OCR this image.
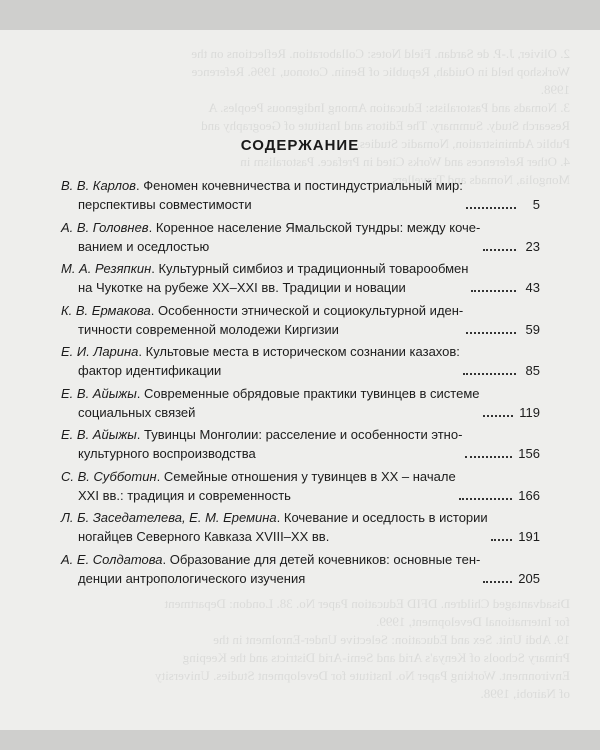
2. Olivier, J.-P. de Sardan. Field Notes: Collaboration. Reflections on the

Workshop held in Ouidah, Republic of Benin. Cotonou, 1996. Reference

1998.

3. Nomads and Pastoralists: Education Among Indigenous Peoples. A

Research Study. Summary. The Editors and Institute of Geography and

Public Administration, Nomadic Studies.

4. Other References and Works Cited in Preface. Pastoralism in

Mongolia, Nomads and Travellers

Disadvantaged Children. DFID Education Paper No. 38. London: Department

for International Development, 1999.

19. Abdi Unit. Sex and Education: Selective Under-Enrolment in the

Primary Schools of Kenya's Arid and Semi-Arid Districts and the Keeping

Environment. Working Paper No. Institute for Development Studies. University

of Nairobi, 1998.

СОДЕРЖАНИЕ
В. В. Карлов. Феномен кочевничества и постиндустриальный мир:
перспективы совместимости	5
А. В. Головнев. Коренное население Ямальской тундры: между коче-
ванием и оседлостью	23
М. А. Резяпкин. Культурный симбиоз и традиционный товарообмен
на Чукотке на рубеже XX–XXI вв. Традиции и новации	43
К. В. Ермакова. Особенности этнической и социокультурной иден-
тичности современной молодежи Киргизии	59
Е. И. Ларина. Культовые места в историческом сознании казахов:
фактор идентификации	85
Е. В. Айыжы. Современные обрядовые практики тувинцев в системе
социальных связей	119
Е. В. Айыжы. Тувинцы Монголии: расселение и особенности этно-
культурного воспроизводства	156
С. В. Субботин. Семейные отношения у тувинцев в XX – начале
XXI вв.: традиция и современность	166
Л. Б. Заседателева, Е. М. Еремина. Кочевание и оседлость в истории
ногайцев Северного Кавказа XVIII–XX вв.	191
А. Е. Солдатова. Образование для детей кочевников: основные тен-
денции антропологического изучения	205
